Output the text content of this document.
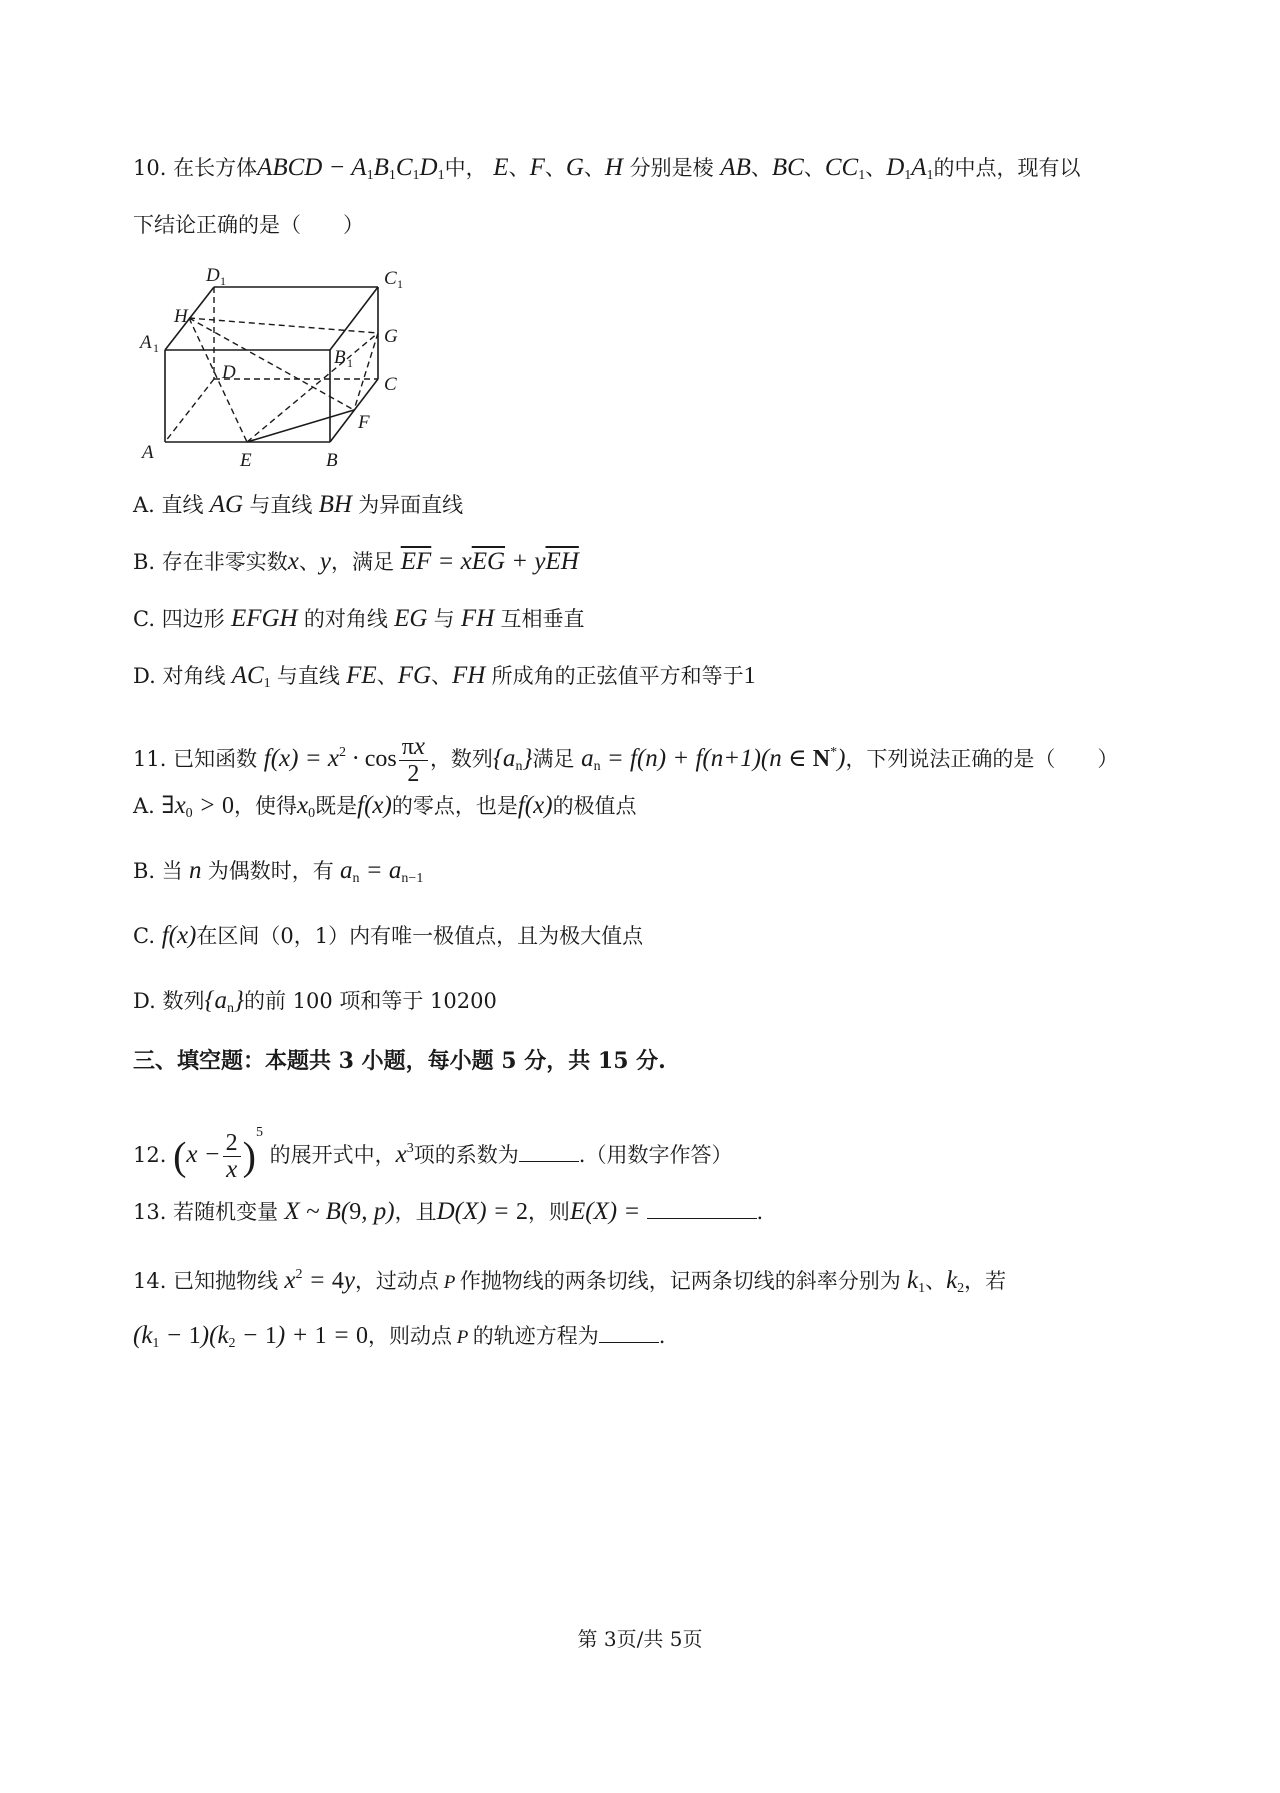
10. 在长方体ABCD − $A_1B_1C_1D_1$中， E、F、G、H 分别是棱 AB、BC、$CC_1$、$D_1A_1$的中点，现有以
下结论正确的是（　　）
D 1	C 1
H
G
A 1
D
B 1
C
F
A	E	B
A. 直线 AG 与直线 BH 为异面直线
B. 存在非零实数x、y，满足 $\overline{EF} = x\overline{EG} + y\overline{EH}$
C. 四边形 EFGH 的对角线 EG 与 FH 互相垂直
D. 对角线 $AC_1$ 与直线 FE、FG、FH 所成角的正弦值平方和等于1
11. 已知函数 $f(x) = x^2 \cdot \cos \frac{\pi x}{2}$ ，数列$\{a_n\}$满足 $a_n = f(n) + f(n+1)(n$ ∈ N*)，下列说法正确的是（　　）
A. $\exists x_0 > 0$，使得$x_0$既是f(x)的零点，也是f(x)的极值点
B. 当 n 为偶数时，有 $a_n = a_{n-1}$
C. f(x)在区间（0，1）内有唯一极值点，且为极大值点
D. 数列$\{a_n\}$的前 100 项和等于 10200
三、填空题：本题共 3 小题，每小题 5 分，共 15 分.
12. $(x - \frac{2}{x} )^5$ 的展开式中，$x^3$项的系数为	.（用数字作答）
13. 若随机变量 X ~ B(9, p)，且D(X) = 2，则E(X) =	.
14. 已知抛物线 $x^2 = 4y$，过动点 P 作抛物线的两条切线，记两条切线的斜率分别为 $k_1$、$k_2$，若
$(k_1 - 1)(k_2 - 1) + 1 = 0$，则动点 P 的轨迹方程为	.
第 3页/共 5页
